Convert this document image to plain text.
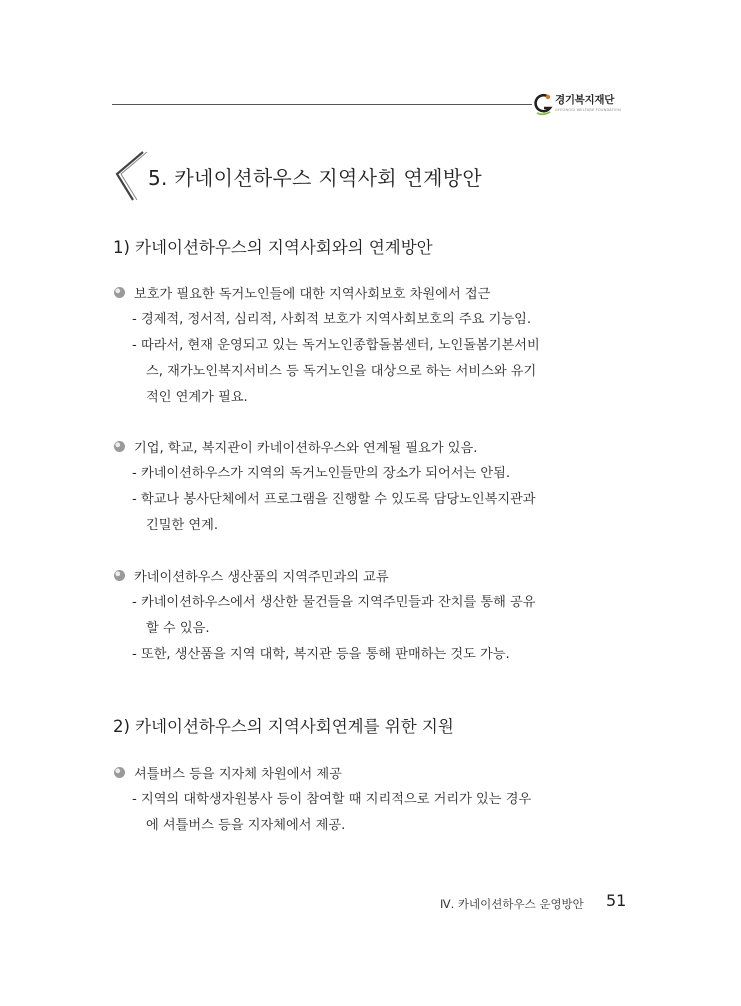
경기복지재단
GYEONGGI WELFARE FOUNDATION
5. 카네이션하우스 지역사회 연계방안
1) 카네이션하우스의 지역사회와의 연계방안
보호가 필요한 독거노인들에 대한 지역사회보호 차원에서 접근
- 경제적, 정서적, 심리적, 사회적 보호가 지역사회보호의 주요 기능임.
- 따라서, 현재 운영되고 있는 독거노인종합돌봄센터, 노인돌봄기본서비
스, 재가노인복지서비스 등 독거노인을 대상으로 하는 서비스와 유기
적인 연계가 필요.
기업, 학교, 복지관이 카네이션하우스와 연계될 필요가 있음.
- 카네이션하우스가 지역의 독거노인들만의 장소가 되어서는 안됨.
- 학교나 봉사단체에서 프로그램을 진행할 수 있도록 담당노인복지관과
긴밀한 연계.
카네이션하우스 생산품의 지역주민과의 교류
- 카네이션하우스에서 생산한 물건들을 지역주민들과 잔치를 통해 공유
할 수 있음.
- 또한, 생산품을 지역 대학, 복지관 등을 통해 판매하는 것도 가능.
2) 카네이션하우스의 지역사회연계를 위한 지원
셔틀버스 등을 지자체 차원에서 제공
- 지역의 대학생자원봉사 등이 참여할 때 지리적으로 거리가 있는 경우
에 셔틀버스 등을 지자체에서 제공.
Ⅳ. 카네이션하우스 운영방안 51
